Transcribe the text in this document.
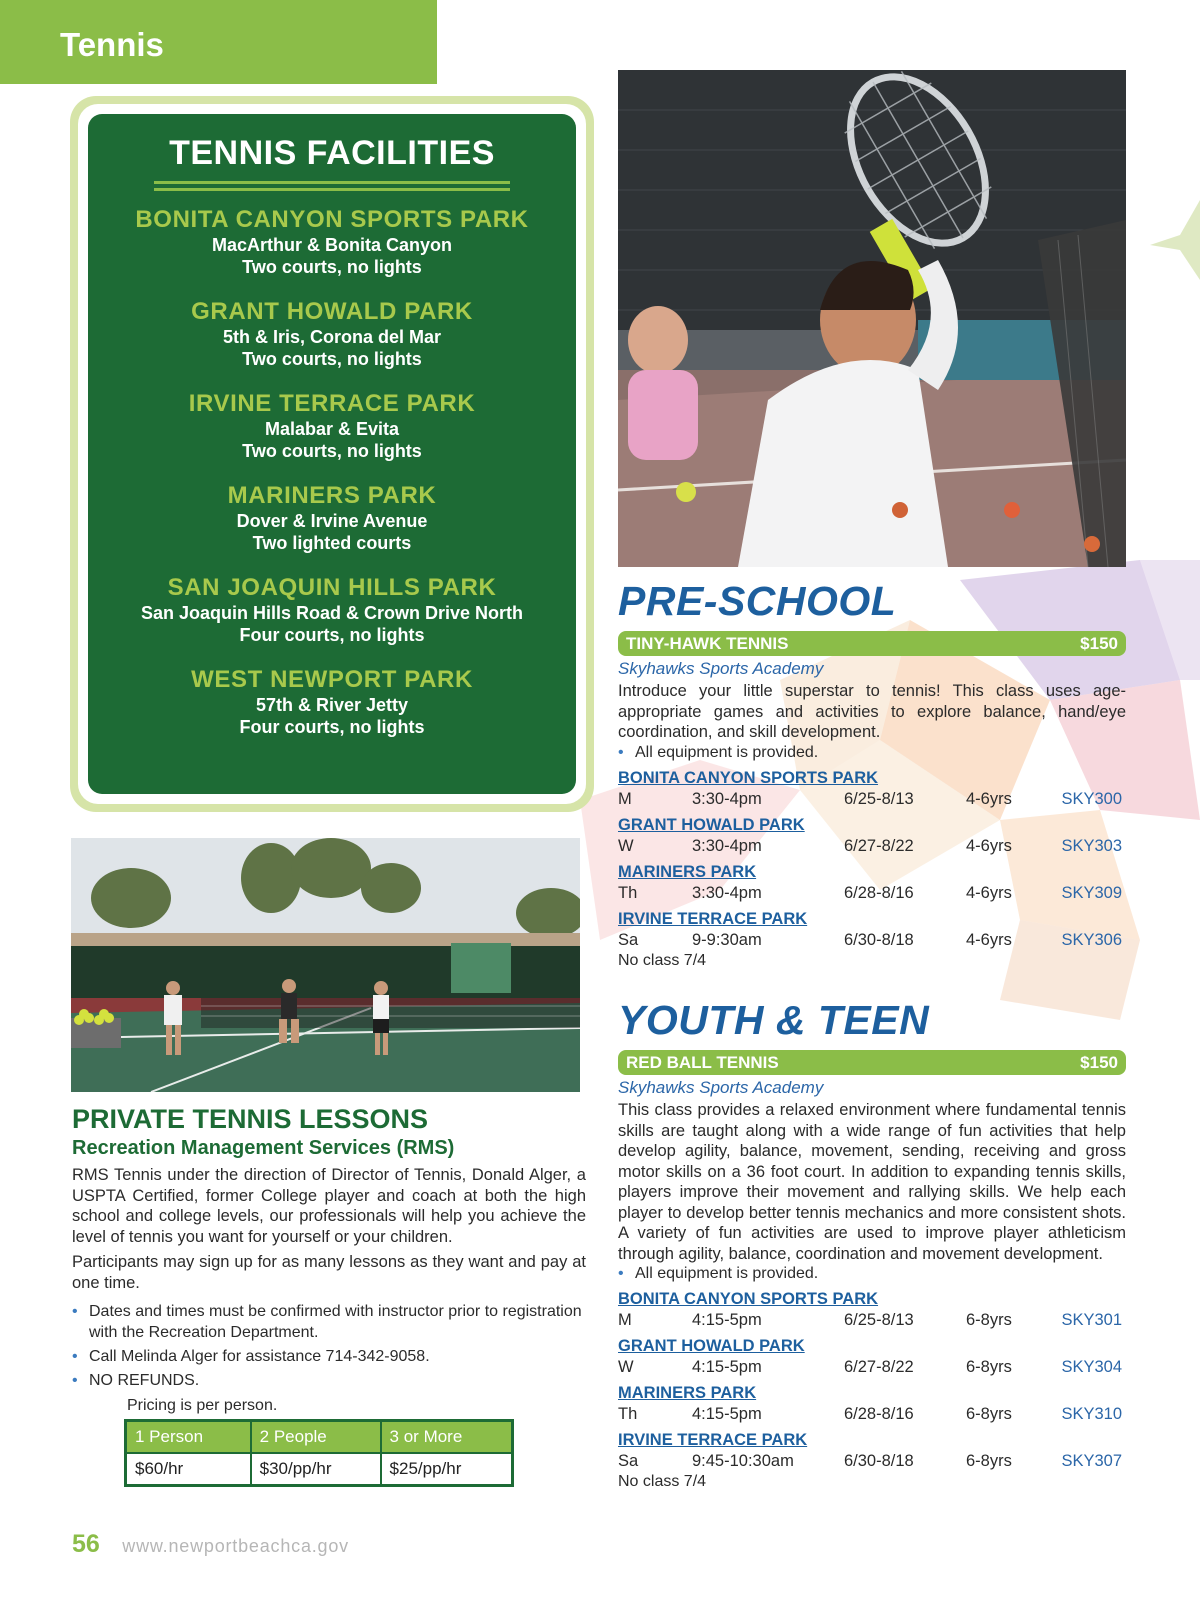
Tennis
TENNIS FACILITIES
BONITA CANYON SPORTS PARK
MacArthur & Bonita Canyon
Two courts, no lights
GRANT HOWALD PARK
5th & Iris, Corona del Mar
Two courts, no lights
IRVINE TERRACE PARK
Malabar & Evita
Two courts, no lights
MARINERS PARK
Dover & Irvine Avenue
Two lighted courts
SAN JOAQUIN HILLS PARK
San Joaquin Hills Road & Crown Drive North
Four courts, no lights
WEST NEWPORT PARK
57th & River Jetty
Four courts, no lights
PRIVATE TENNIS LESSONS
Recreation Management Services (RMS)

RMS Tennis under the direction of Director of Tennis, Donald Alger, a USPTA Certified, former College player and coach at both the high school and college levels, our professionals will help you achieve the level of tennis you want for yourself or your children.

Participants may sign up for as many lessons as they want and pay at one time.

• Dates and times must be confirmed with instructor prior to registration with the Recreation Department.
• Call Melinda Alger for assistance 714-342-9058.
• NO REFUNDS.
Pricing is per person.
1 Person	2 People	3 or More
$60/hr	$30/pp/hr	$25/pp/hr
56 www.newportbeachca.gov
PRE-SCHOOL
TINY-HAWK TENNIS	$150
Skyhawks Sports Academy
Introduce your little superstar to tennis! This class uses age-appropriate games and activities to explore balance, hand/eye coordination, and skill development.
• All equipment is provided.
BONITA CANYON SPORTS PARK
M	3:30-4pm	6/25-8/13	4-6yrs	SKY300
GRANT HOWALD PARK
W	3:30-4pm	6/27-8/22	4-6yrs	SKY303
MARINERS PARK
Th	3:30-4pm	6/28-8/16	4-6yrs	SKY309
IRVINE TERRACE PARK
Sa	9-9:30am	6/30-8/18	4-6yrs	SKY306
No class 7/4
YOUTH & TEEN
RED BALL TENNIS	$150
Skyhawks Sports Academy
This class provides a relaxed environment where fundamental tennis skills are taught along with a wide range of fun activities that help develop agility, balance, movement, sending, receiving and gross motor skills on a 36 foot court. In addition to expanding tennis skills, players improve their movement and rallying skills. We help each player to develop better tennis mechanics and more consistent shots. A variety of fun activities are used to improve player athleticism through agility, balance, coordination and movement development.
• All equipment is provided.
BONITA CANYON SPORTS PARK
M	4:15-5pm	6/25-8/13	6-8yrs	SKY301
GRANT HOWALD PARK
W	4:15-5pm	6/27-8/22	6-8yrs	SKY304
MARINERS PARK
Th	4:15-5pm	6/28-8/16	6-8yrs	SKY310
IRVINE TERRACE PARK
Sa	9:45-10:30am	6/30-8/18	6-8yrs	SKY307
No class 7/4
